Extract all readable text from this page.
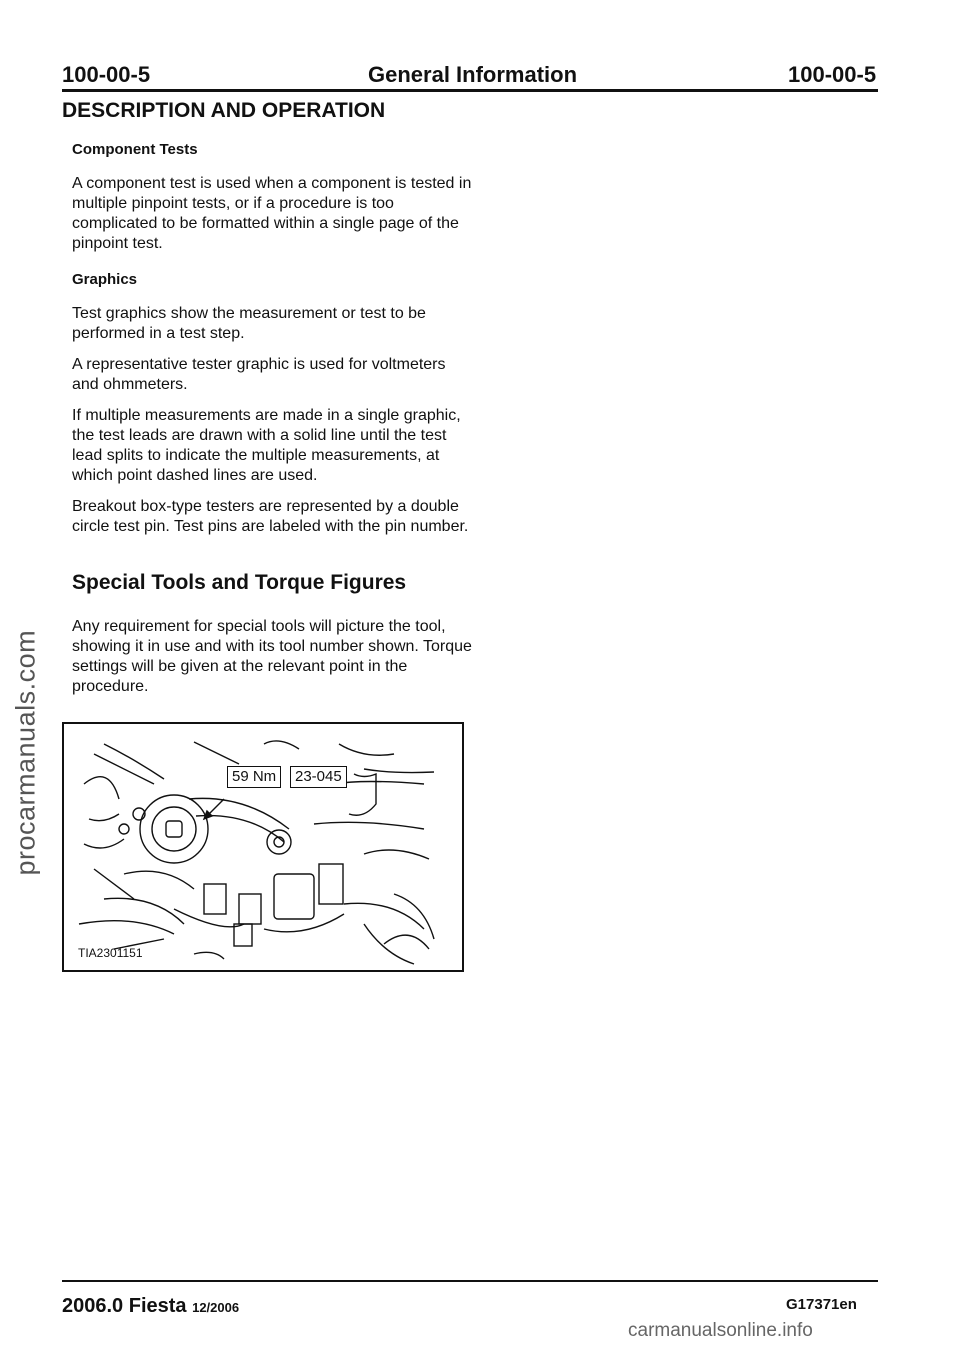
100-00-5	General Information	100-00-5
DESCRIPTION AND OPERATION
Component Tests

A component test is used when a component is tested in multiple pinpoint tests, or if a procedure is too complicated to be formatted within a single page of the pinpoint test.

Graphics

Test graphics show the measurement or test to be performed in a test step.

A representative tester graphic is used for voltmeters and ohmmeters.

If multiple measurements are made in a single graphic, the test leads are drawn with a solid line until the test lead splits to indicate the multiple measurements, at which point dashed lines are used.

Breakout box-type testers are represented by a double circle test pin. Test pins are labeled with the pin number.

Special Tools and Torque Figures

Any requirement for special tools will picture the tool, showing it in use and with its tool number shown. Torque settings will be given at the relevant point in the procedure.

59 Nm	23-045
TIA2301151
procarmanuals.com
2006.0 Fiesta 12/2006	G17371en
carmanualsonline.info
